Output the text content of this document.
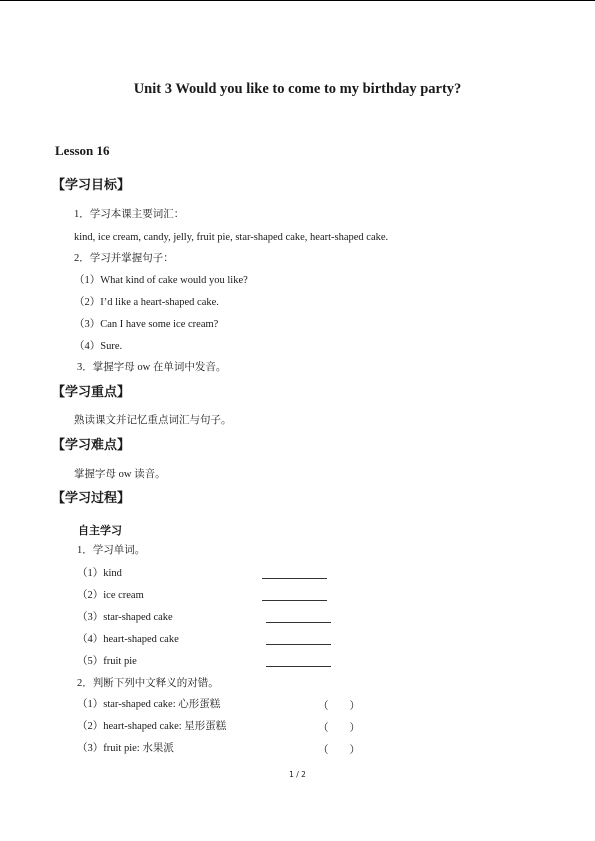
Unit 3 Would you like to come to my birthday party?
Lesson 16
【学习目标】
1．学习本课主要词汇：
kind, ice cream, candy, jelly, fruit pie, star-shaped cake, heart-shaped cake.
2．学习并掌握句子：
（1）What kind of cake would you like?
（2）I’d like a heart-shaped cake.
（3）Can I have some ice cream?
（4）Sure.
3．掌握字母 ow 在单词中发音。
【学习重点】
熟读课文并记忆重点词汇与句子。
【学习难点】
掌握字母 ow 读音。
【学习过程】
自主学习
1．学习单词。
（1）kind
（2）ice cream
（3）star-shaped cake
（4）heart-shaped cake
（5）fruit pie
2．判断下列中文释义的对错。
（1）star-shaped cake: 心形蛋糕	（　　）
（2）heart-shaped cake: 星形蛋糕	（　　）
（3）fruit pie: 水果派	（　　）
1 / 2
